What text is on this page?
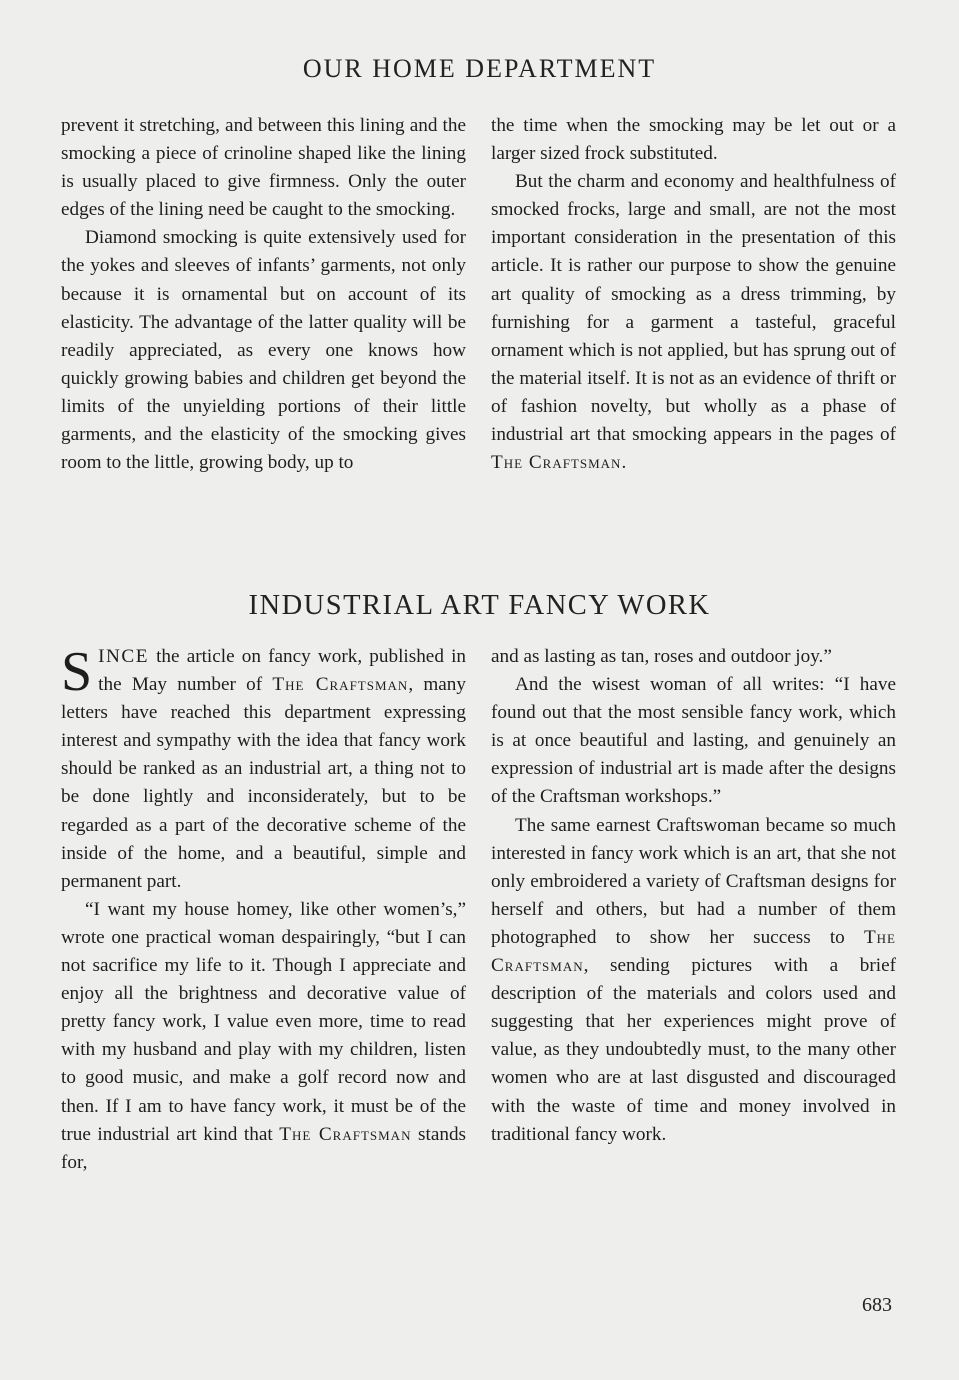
OUR HOME DEPARTMENT

prevent it stretching, and between this lining and the smocking a piece of crinoline shaped like the lining is usually placed to give firmness. Only the outer edges of the lining need be caught to the smocking.

Diamond smocking is quite extensively used for the yokes and sleeves of infants’ garments, not only because it is ornamental but on account of its elasticity. The advantage of the latter quality will be readily appreciated, as every one knows how quickly growing babies and children get beyond the limits of the unyielding portions of their little garments, and the elasticity of the smocking gives room to the little, growing body, up to

the time when the smocking may be let out or a larger sized frock substituted.

But the charm and economy and healthfulness of smocked frocks, large and small, are not the most important consideration in the presentation of this article. It is rather our purpose to show the genuine art quality of smocking as a dress trimming, by furnishing for a garment a tasteful, graceful ornament which is not applied, but has sprung out of the material itself. It is not as an evidence of thrift or of fashion novelty, but wholly as a phase of industrial art that smocking appears in the pages of The Craftsman.

INDUSTRIAL ART FANCY WORK

SINCE the article on fancy work, published in the May number of The Craftsman, many letters have reached this department expressing interest and sympathy with the idea that fancy work should be ranked as an industrial art, a thing not to be done lightly and inconsiderately, but to be regarded as a part of the decorative scheme of the inside of the home, and a beautiful, simple and permanent part.

“I want my house homey, like other women’s,” wrote one practical woman despairingly, “but I can not sacrifice my life to it. Though I appreciate and enjoy all the brightness and decorative value of pretty fancy work, I value even more, time to read with my husband and play with my children, listen to good music, and make a golf record now and then. If I am to have fancy work, it must be of the true industrial art kind that The Craftsman stands for,

and as lasting as tan, roses and outdoor joy.”

And the wisest woman of all writes: “I have found out that the most sensible fancy work, which is at once beautiful and lasting, and genuinely an expression of industrial art is made after the designs of the Craftsman workshops.”

The same earnest Craftswoman became so much interested in fancy work which is an art, that she not only embroidered a variety of Craftsman designs for herself and others, but had a number of them photographed to show her success to The Craftsman, sending pictures with a brief description of the materials and colors used and suggesting that her experiences might prove of value, as they undoubtedly must, to the many other women who are at last disgusted and discouraged with the waste of time and money involved in traditional fancy work.

683
